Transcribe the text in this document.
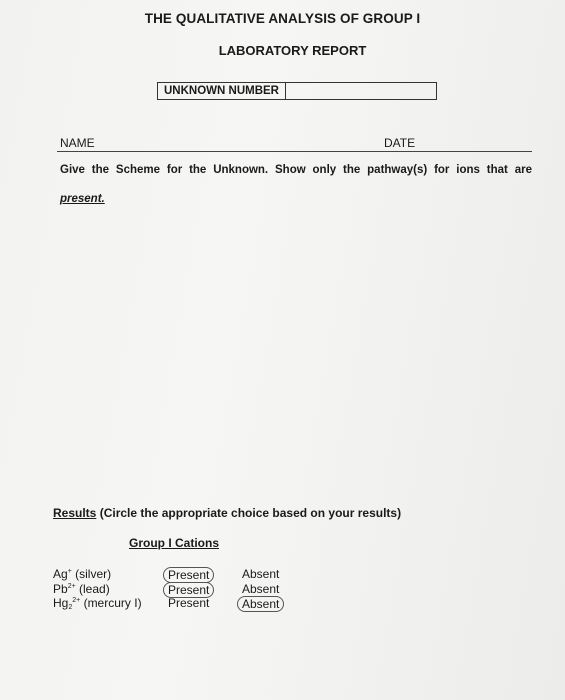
THE QUALITATIVE ANALYSIS OF GROUP I
LABORATORY REPORT
UNKNOWN NUMBER
NAME	DATE
Give the Scheme for the Unknown. Show only the pathway(s) for ions that are
present.
Results (Circle the appropriate choice based on your results)
Group I Cations
Ag+ (silver)	Present	Absent
$Pb^{2+}$ (lead)	Present	Absent
$Hg_2^{2+}$ (mercury I) Present	Absent
